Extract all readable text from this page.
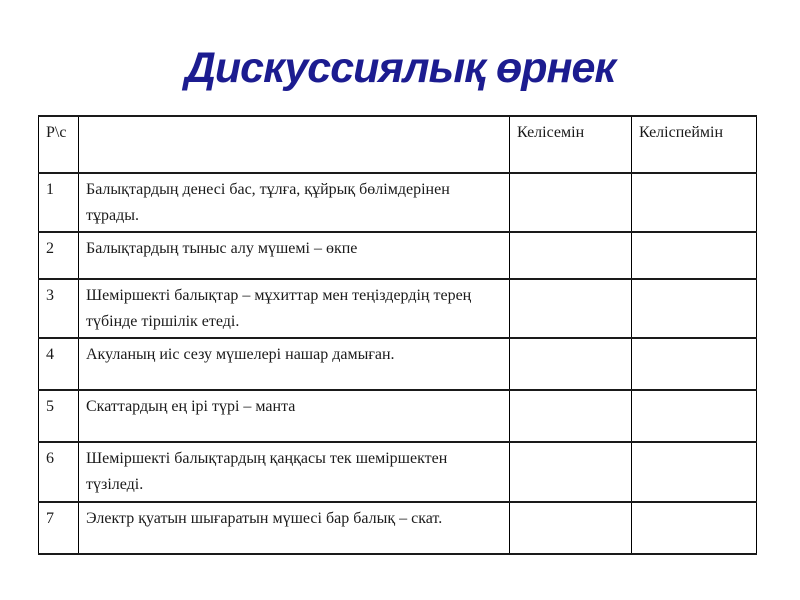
Дискуссиялық өрнек
Р\с		Келісемін	Келіспеймін
1	Балықтардың денесі бас, тұлға, құйрық бөлімдерінен тұрады.		
2	Балықтардың тыныс алу мүшемі – өкпе		
3	Шеміршекті балықтар – мұхиттар мен теңіздердің терең түбінде тіршілік етеді.		
4	Акуланың иіс сезу мүшелері нашар дамыған.		
5	Скаттардың ең ірі түрі – манта		
6	Шеміршекті балықтардың қаңқасы тек шеміршектен түзіледі.		
7	Электр қуатын шығаратын мүшесі бар балық – скат.		
